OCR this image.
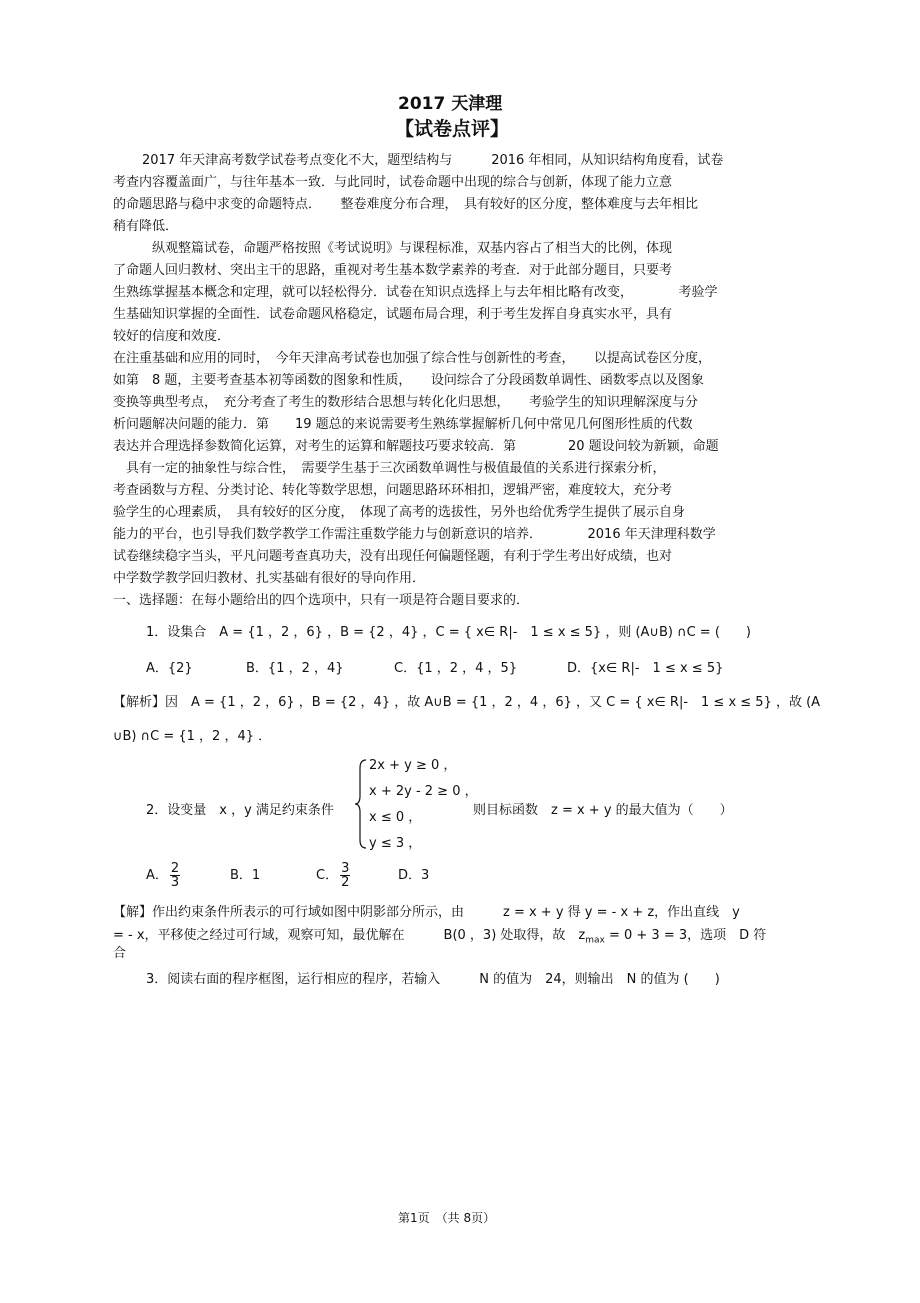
2017 天津理
【试卷点评】
2017 年天津高考数学试卷考点变化不大，题型结构与　　　2016 年相同，从知识结构角度看，试卷
考查内容覆盖面广，与往年基本一致．与此同时，试卷命题中出现的综合与创新，体现了能力立意
的命题思路与稳中求变的命题特点．　　整卷难度分布合理，　具有较好的区分度，整体难度与去年相比
稍有降低．
纵观整篇试卷，命题严格按照《考试说明》与课程标准，双基内容占了相当大的比例，体现
了命题人回归教材、突出主干的思路，重视对考生基本数学素养的考查．对于此部分题目，只要考
生熟练掌握基本概念和定理，就可以轻松得分．试卷在知识点选择上与去年相比略有改变，　　　　考验学
生基础知识掌握的全面性．试卷命题风格稳定，试题布局合理，利于考生发挥自身真实水平，具有
较好的信度和效度．
在注重基础和应用的同时，　今年天津高考试卷也加强了综合性与创新性的考查，　　以提高试卷区分度，
如第　8 题，主要考查基本初等函数的图象和性质，　　设问综合了分段函数单调性、函数零点以及图象
变换等典型考点，　充分考查了考生的数形结合思想与转化化归思想，　　考验学生的知识理解深度与分
析问题解决问题的能力．第　　19 题总的来说需要考生熟练掌握解析几何中常见几何图形性质的代数
表达并合理选择参数简化运算，对考生的运算和解题技巧要求较高．第　　　　20 题设问较为新颖，命题
具有一定的抽象性与综合性，　需要学生基于三次函数单调性与极值最值的关系进行探索分析，
考查函数与方程、分类讨论、转化等数学思想，问题思路环环相扣，逻辑严密，难度较大，充分考
验学生的心理素质，　具有较好的区分度，　体现了高考的选拔性，另外也给优秀学生提供了展示自身
能力的平台，也引导我们数学教学工作需注重数学能力与创新意识的培养．　　　　2016 年天津理科数学
试卷继续稳字当头，平凡问题考查真功夫，没有出现任何偏题怪题，有利于学生考出好成绩，也对
中学数学教学回归教材、扎实基础有很好的导向作用．
一、选择题：在每小题给出的四个选项中，只有一项是符合题目要求的．
1．设集合　A = {1 ，2 ，6} ，B = {2 ，4} ，C = { x∈ R|-　1 ≤ x ≤ 5} ，则 (A∪B) ∩C = (　　)
A．{2}	B．{1 ，2 ，4}	C．{1 ，2 ，4 ，5}	D．{x∈ R|-　1 ≤ x ≤ 5}
【解析】因　A = {1 ，2 ，6} ，B = {2 ，4} ，故 A∪B = {1 ，2 ，4 ，6} ，又 C = { x∈ R|-　1 ≤ x ≤ 5} ，故 (A
∪B) ∩C = {1 ，2 ，4} ．
2．设变量　x ，y 满足约束条件
2x + y ≥ 0 ，
x + 2y - 2 ≥ 0 ，
x ≤ 0 ，
y ≤ 3 ，
则目标函数　z = x + y 的最大值为（　　）
A． $\frac{2}{3}$	B．1	C． $\frac{3}{2}$	D．3
【解】作出约束条件所表示的可行域如图中阴影部分所示，由　　　z = x + y 得 y = - x + z，作出直线　y
= - x，平移使之经过可行域，观察可知，最优解在　　　B(0 ，3) 处取得，故　$z_{max} = 0 + 3 = 3$，选项　D 符
合
3．阅读右面的程序框图，运行相应的程序，若输入　　　N 的值为　24，则输出　N 的值为 (　　)
第1页　（共 8页）
